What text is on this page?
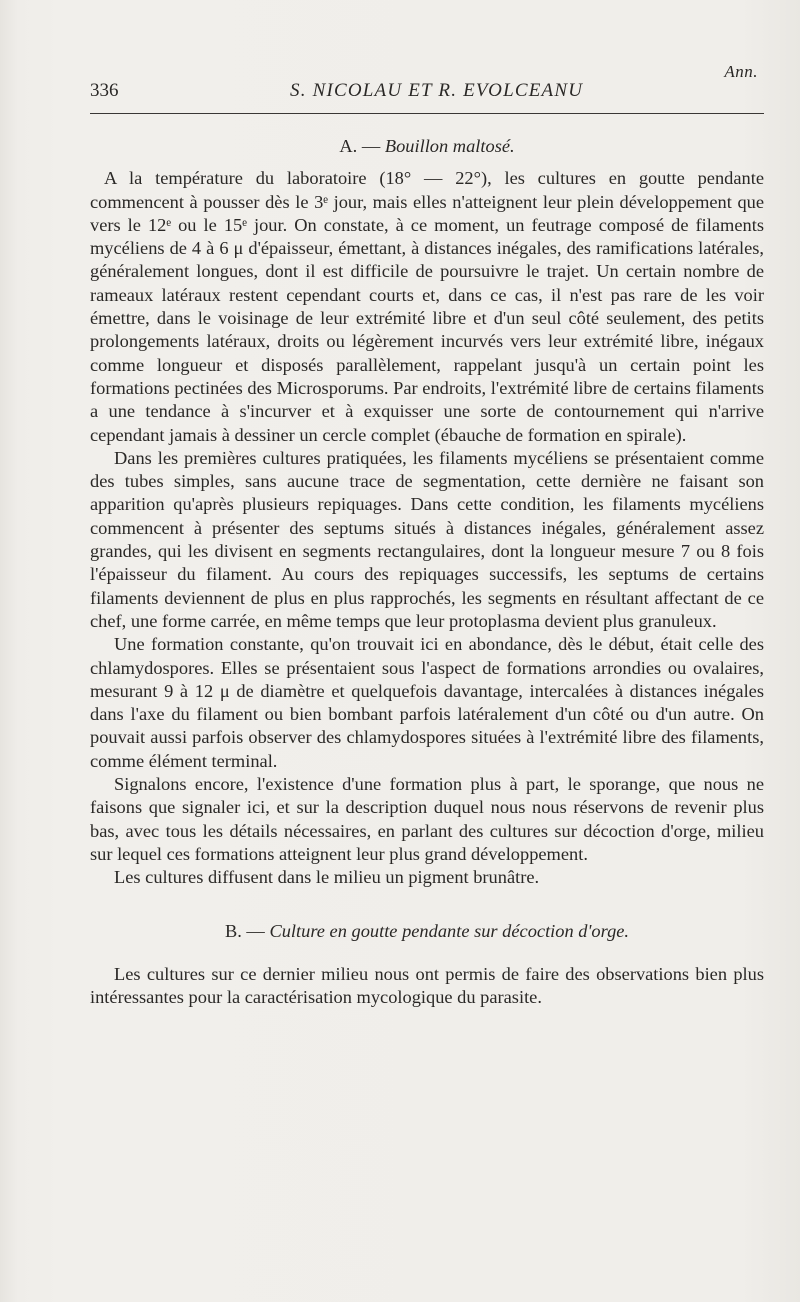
Ann.
336	S. NICOLAU ET R. EVOLCEANU
A. — Bouillon maltosé.

A la température du laboratoire (18° — 22°), les cultures en goutte pendante commencent à pousser dès le 3ᵉ jour, mais elles n'atteignent leur plein développement que vers le 12ᵉ ou le 15ᵉ jour. On constate, à ce moment, un feutrage composé de filaments mycéliens de 4 à 6 μ d'épaisseur, émettant, à distances inégales, des ramifications latérales, généralement longues, dont il est difficile de poursuivre le trajet. Un certain nombre de rameaux latéraux restent cependant courts et, dans ce cas, il n'est pas rare de les voir émettre, dans le voisinage de leur extrémité libre et d'un seul côté seulement, des petits prolongements latéraux, droits ou légèrement incurvés vers leur extrémité libre, inégaux comme longueur et disposés parallèlement, rappelant jusqu'à un certain point les formations pectinées des Microsporums. Par endroits, l'extrémité libre de certains filaments a une tendance à s'incurver et à exquisser une sorte de contournement qui n'arrive cependant jamais à dessiner un cercle complet (ébauche de formation en spirale).

Dans les premières cultures pratiquées, les filaments mycéliens se présentaient comme des tubes simples, sans aucune trace de segmentation, cette dernière ne faisant son apparition qu'après plusieurs repiquages. Dans cette condition, les filaments mycéliens commencent à présenter des septums situés à distances inégales, généralement assez grandes, qui les divisent en segments rectangulaires, dont la longueur mesure 7 ou 8 fois l'épaisseur du filament. Au cours des repiquages successifs, les septums de certains filaments deviennent de plus en plus rapprochés, les segments en résultant affectant de ce chef, une forme carrée, en même temps que leur protoplasma devient plus granuleux.

Une formation constante, qu'on trouvait ici en abondance, dès le début, était celle des chlamydospores. Elles se présentaient sous l'aspect de formations arrondies ou ovalaires, mesurant 9 à 12 μ de diamètre et quelquefois davantage, intercalées à distances inégales dans l'axe du filament ou bien bombant parfois latéralement d'un côté ou d'un autre. On pouvait aussi parfois observer des chlamydospores situées à l'extrémité libre des filaments, comme élément terminal.

Signalons encore, l'existence d'une formation plus à part, le sporange, que nous ne faisons que signaler ici, et sur la description duquel nous nous réservons de revenir plus bas, avec tous les détails nécessaires, en parlant des cultures sur décoction d'orge, milieu sur lequel ces formations atteignent leur plus grand développement.

Les cultures diffusent dans le milieu un pigment brunâtre.

B. — Culture en goutte pendante sur décoction d'orge.

Les cultures sur ce dernier milieu nous ont permis de faire des observations bien plus intéressantes pour la caractérisation mycologique du parasite.
